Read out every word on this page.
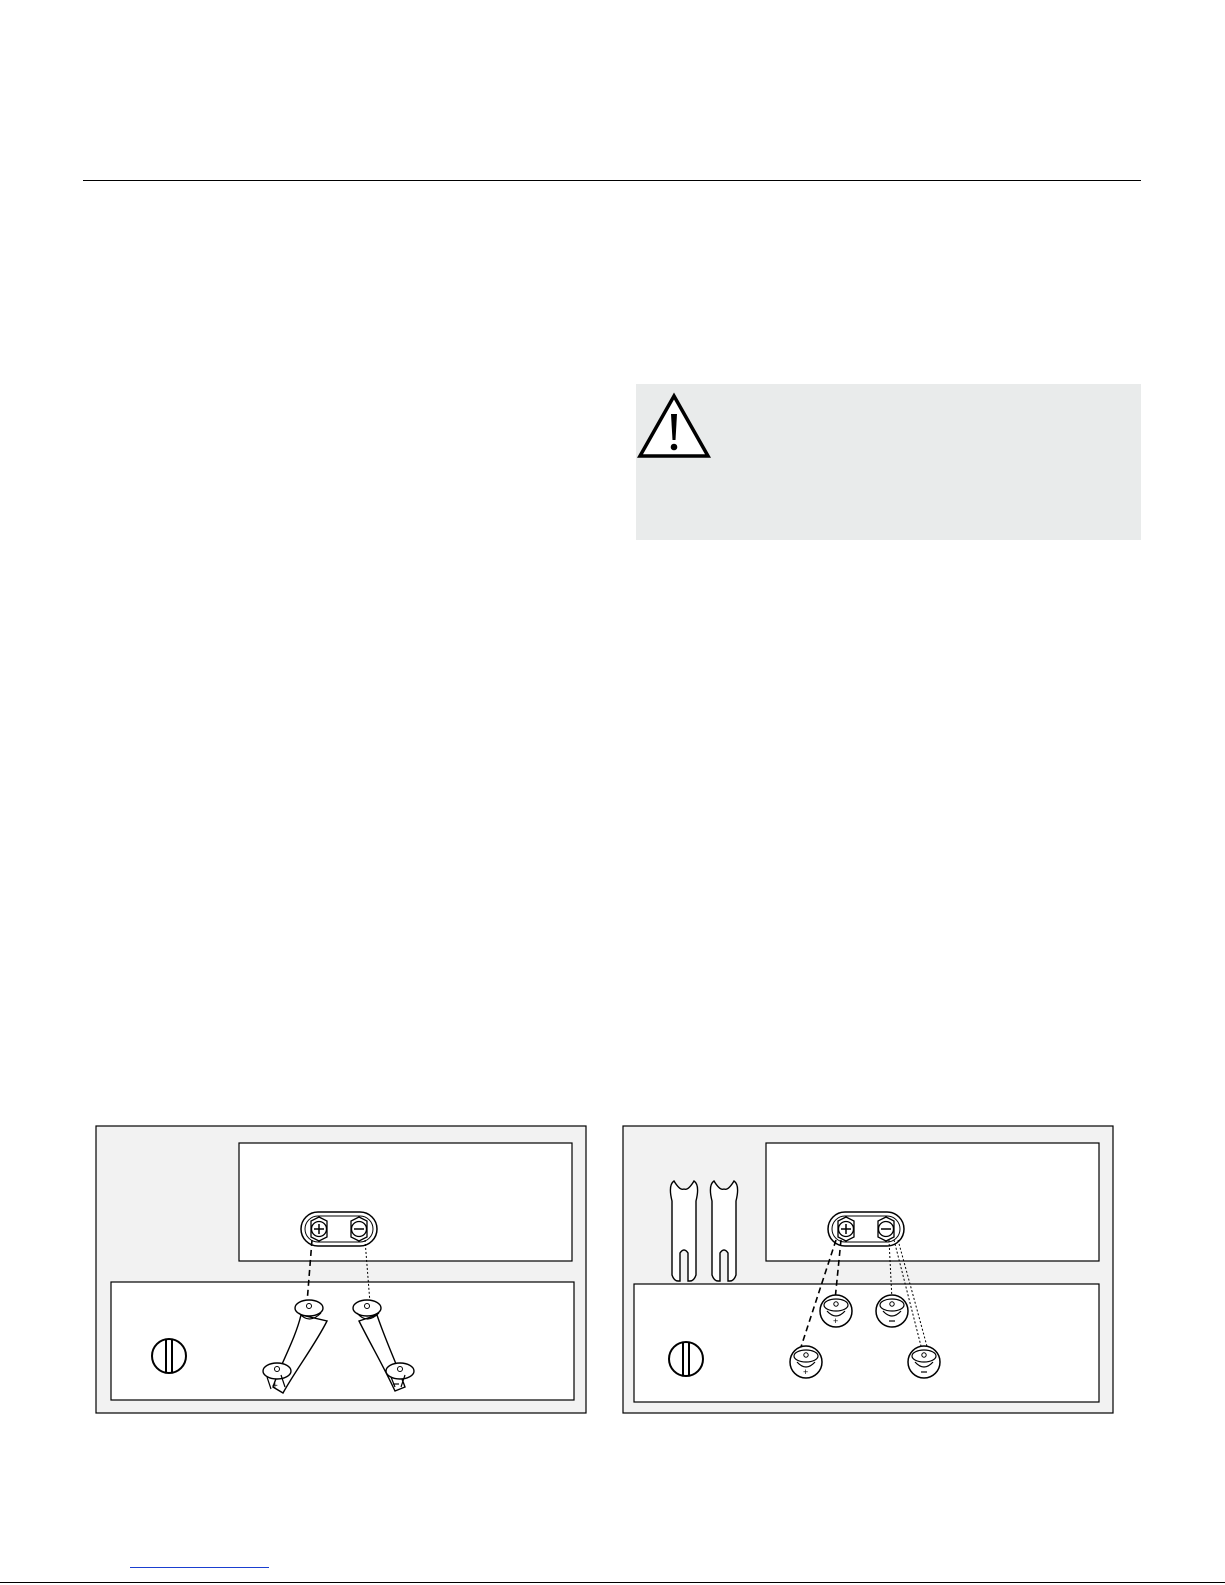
+
+
+
